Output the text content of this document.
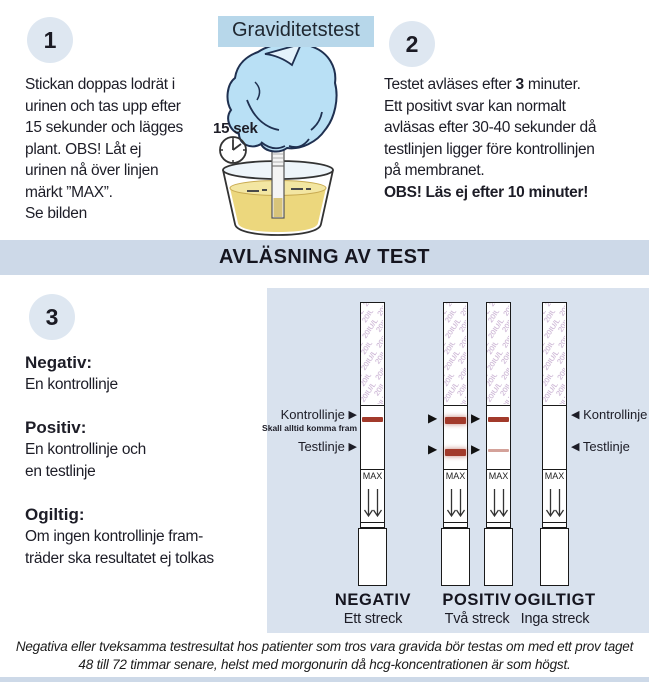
1
Stickan doppas lodrät i
urinen och tas upp efter
15 sekunder och lägges
plant. OBS! Låt ej
urinen nå över linjen
märkt ”MAX”.
Se bilden
Graviditetstest
15 sek
2
Testet avläses efter 3 minuter.
Ett positivt svar kan normalt
avläsas efter 30-40 sekunder då
testlinjen ligger före kontrollinjen
på membranet.
OBS! Läs ej efter 10 minuter!
AVLÄSNING AV TEST
3
Negativ:
En kontrollinje
Positiv:
En kontrollinje och
en testlinje
Ogiltig:
Om ingen kontrollinje fram-
träder ska resultatet ej tolkas
MAX	MAX	MAX	MAX
Kontrollinje ▶
Skall alltid komma fram
Testlinje ▶
▶
▶
▶
▶
◀ Kontrollinje
◀ Testlinje
NEGATIV
Ett streck
POSITIV
Två streck
OGILTIGT
Inga streck
Negativa eller tveksamma testresultat hos patienter som tros vara gravida bör testas om med ett prov taget
48 till 72 timmar senare, helst med morgonurin då hcg-koncentrationen är som högst.
